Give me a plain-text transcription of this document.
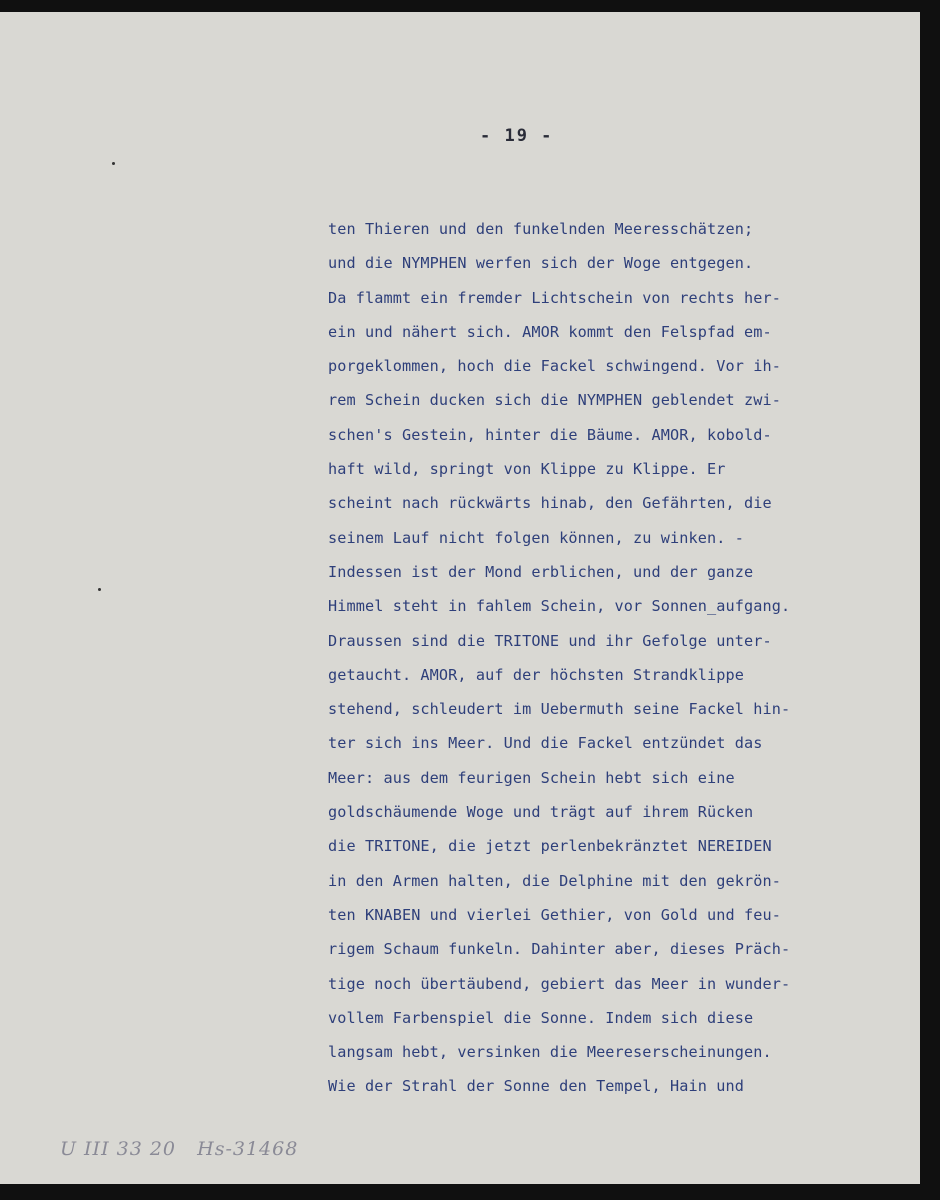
- 19 -
ten Thieren und den funkelnden Meeresschätzen;
und die NYMPHEN werfen sich der Woge entgegen.
Da flammt ein fremder Lichtschein von rechts her-
ein und nähert sich. AMOR kommt den Felspfad em-
porgeklommen, hoch die Fackel schwingend. Vor ih-
rem Schein ducken sich die NYMPHEN geblendet zwi-
schen's Gestein, hinter die Bäume. AMOR, kobold-
haft wild, springt von Klippe zu Klippe. Er
scheint nach rückwärts hinab, den Gefährten, die
seinem Lauf nicht folgen können, zu winken. -
Indessen ist der Mond erblichen, und der ganze
Himmel steht in fahlem Schein, vor Sonnen_aufgang.
Draussen sind die TRITONE und ihr Gefolge unter-
getaucht. AMOR, auf der höchsten Strandklippe
stehend, schleudert im Uebermuth seine Fackel hin-
ter sich ins Meer. Und die Fackel entzündet das
Meer: aus dem feurigen Schein hebt sich eine
goldschäumende Woge und trägt auf ihrem Rücken
die TRITONE, die jetzt perlenbekränztet NEREIDEN
in den Armen halten, die Delphine mit den gekrön-
ten KNABEN und vierlei Gethier, von Gold und feu-
rigem Schaum funkeln. Dahinter aber, dieses Präch-
tige noch übertäubend, gebiert das Meer in wunder-
vollem Farbenspiel die Sonne. Indem sich diese
langsam hebt, versinken die Meereserscheinungen.
Wie der Strahl der Sonne den Tempel, Hain und
U III 33 20   Hs-31468
